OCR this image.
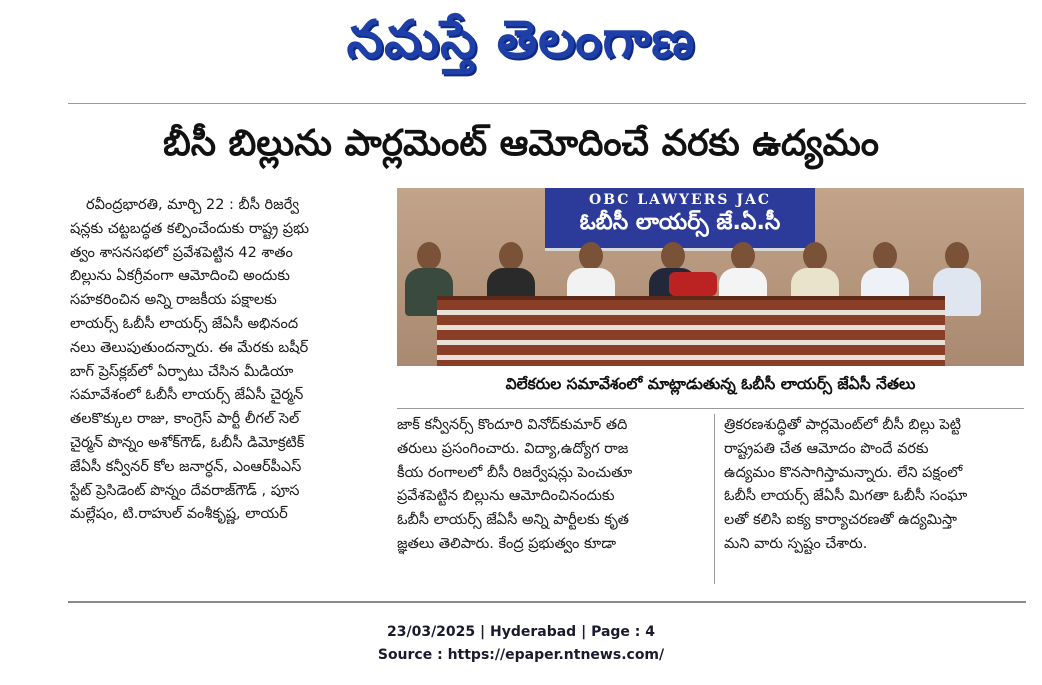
నమస్తే తెలంగాణ
బీసీ బిల్లును పార్లమెంట్ ఆమోదించే వరకు ఉద్యమం

రవీంద్రభారతి, మార్చి 22 : బీసీ రిజర్వే

షన్లకు చట్టబద్ధత కల్పించేందుకు రాష్ట్ర ప్రభు

త్వం శాసనసభలో ప్రవేశపెట్టిన 42 శాతం

బిల్లును ఏకగ్రీవంగా ఆమోదించి అందుకు

సహకరించిన అన్ని రాజకీయ పక్షాలకు

లాయర్స్ ఓబీసీ లాయర్స్ జేఏసీ అభినంద

నలు తెలుపుతుందన్నారు. ఈ మేరకు బషీర్

బాగ్ ప్రెస్‌క్లబ్‌లో ఏర్పాటు చేసిన మీడియా

సమావేశంలో ఓబీసీ లాయర్స్ జేఏసీ చైర్మన్

తలకొక్కుల రాజు, కాంగ్రెస్ పార్టీ లీగల్ సెల్

చైర్మన్ పొన్నం అశోక్‌గౌడ్, ఓబీసీ డిమోక్రటిక్

జేఏసీ కన్వీనర్ కోల జనార్ధన్, ఎంఆర్‌పీఎస్

స్టేట్ ప్రెసిడెంట్ పొన్నం దేవరాజ్‌గౌడ్ , పూస

మల్లేషం, టి.రాహుల్ వంశీకృష్ణ, లాయర్

OBC LAWYERS JAC
ఓబీసీ లాయర్స్ జే.ఏ.సీ
విలేకరుల సమావేశంలో మాట్లాడుతున్న ఓబీసీ లాయర్స్ జేఏసీ నేతలు

జాక్ కన్వీనర్స్ కొందూరి వినోద్‌కుమార్ తది

తరులు ప్రసంగించారు. విద్యా,ఉద్యోగ రాజ

కీయ రంగాలలో బీసీ రిజర్వేషన్లు పెంచుతూ

ప్రవేశపెట్టిన బిల్లును ఆమోదించినందుకు

ఓబీసీ లాయర్స్ జేఏసీ అన్ని పార్టీలకు కృత

జ్ఞతలు తెలిపారు. కేంద్ర ప్రభుత్వం కూడా

త్రికరణశుద్ధితో పార్లమెంట్‌లో బీసీ బిల్లు పెట్టి

రాష్ట్రపతి చేత ఆమోదం పొందే వరకు

ఉద్యమం కొనసాగిస్తామన్నారు. లేని పక్షంలో

ఓబీసీ లాయర్స్ జేఏసీ మిగతా ఓబీసీ సంఘా

లతో కలిసి ఐక్య కార్యాచరణతో ఉద్యమిస్తా

మని వారు స్పష్టం చేశారు.

23/03/2025 | Hyderabad | Page : 4
Source : https://epaper.ntnews.com/
